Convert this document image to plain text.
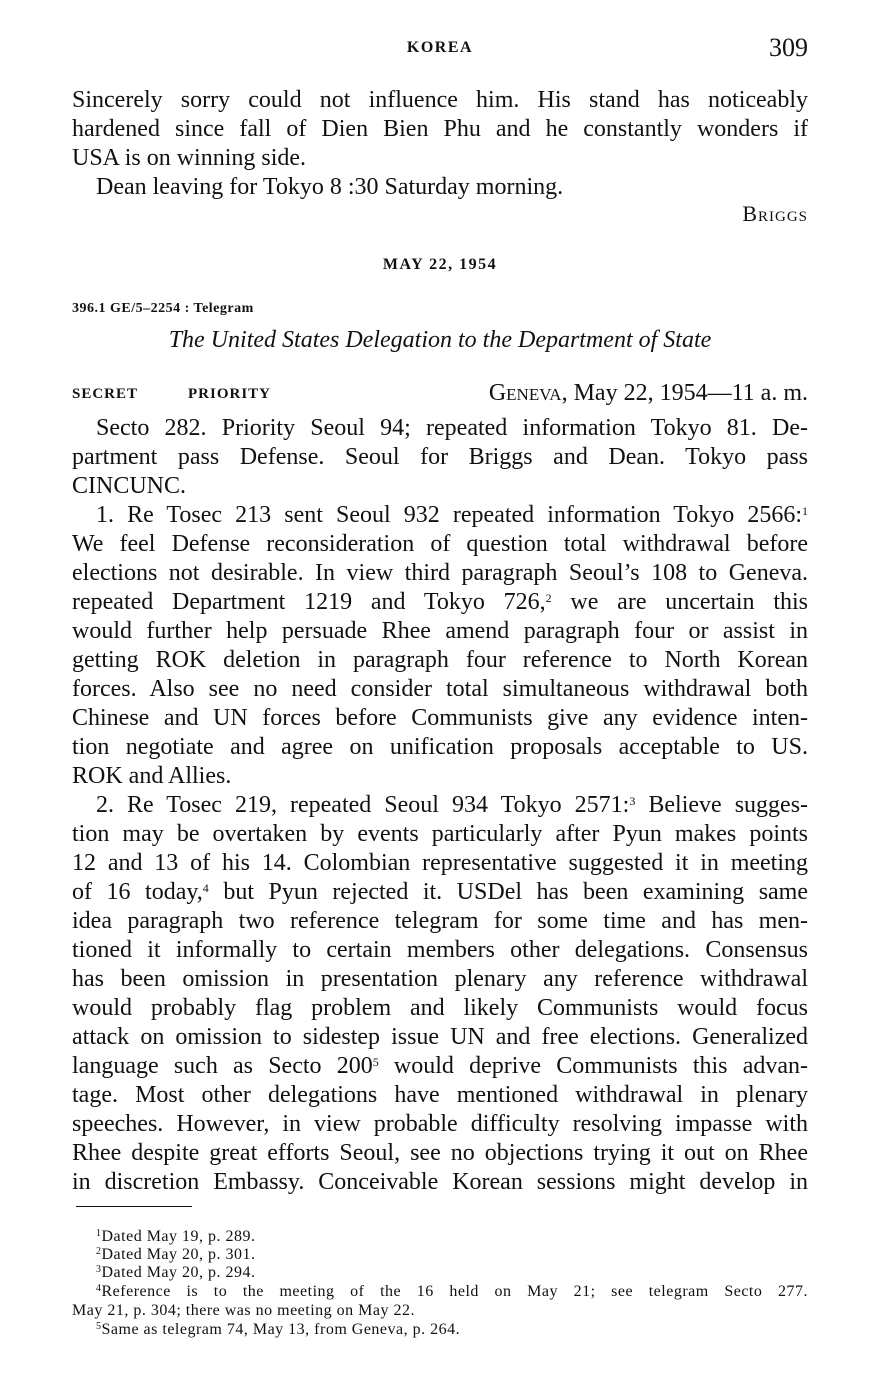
KOREA	309
Sincerely sorry could not influence him. His stand has noticeably
hardened since fall of Dien Bien Phu and he constantly wonders if
USA is on winning side.
Dean leaving for Tokyo 8 :30 Saturday morning.
Briggs
MAY 22, 1954
396.1 GE/5–2254 : Telegram
The United States Delegation to the Department of State
SECRET	PRIORITY	Geneva, May 22, 1954—11 a. m.
Secto 282. Priority Seoul 94; repeated information Tokyo 81. De-
partment pass Defense. Seoul for Briggs and Dean. Tokyo pass
CINCUNC.
1. Re Tosec 213 sent Seoul 932 repeated information Tokyo 2566:$^1$
We feel Defense reconsideration of question total withdrawal before
elections not desirable. In view third paragraph Seoul’s 108 to Geneva.
repeated Department 1219 and Tokyo 726,$^2$ we are uncertain this
would further help persuade Rhee amend paragraph four or assist in
getting ROK deletion in paragraph four reference to North Korean
forces. Also see no need consider total simultaneous withdrawal both
Chinese and UN forces before Communists give any evidence inten-
tion negotiate and agree on unification proposals acceptable to US.
ROK and Allies.
2. Re Tosec 219, repeated Seoul 934 Tokyo 2571:$^3$ Believe sugges-
tion may be overtaken by events particularly after Pyun makes points
12 and 13 of his 14. Colombian representative suggested it in meeting
of 16 today,$^4$ but Pyun rejected it. USDel has been examining same
idea paragraph two reference telegram for some time and has men-
tioned it informally to certain members other delegations. Consensus
has been omission in presentation plenary any reference withdrawal
would probably flag problem and likely Communists would focus
attack on omission to sidestep issue UN and free elections. Generalized
language such as Secto $200^5$ would deprive Communists this advan-
tage. Most other delegations have mentioned withdrawal in plenary
speeches. However, in view probable difficulty resolving impasse with
Rhee despite great efforts Seoul, see no objections trying it out on Rhee
in discretion Embassy. Conceivable Korean sessions might develop in
$^1$Dated May 19, p. 289.
$^2$Dated May 20, p. 301.
$^3$Dated May 20, p. 294.
$^4$Reference is to the meeting of the 16 held on May 21; see telegram Secto 277.
May 21, p. 304; there was no meeting on May 22.
$^5$Same as telegram 74, May 13, from Geneva, p. 264.
